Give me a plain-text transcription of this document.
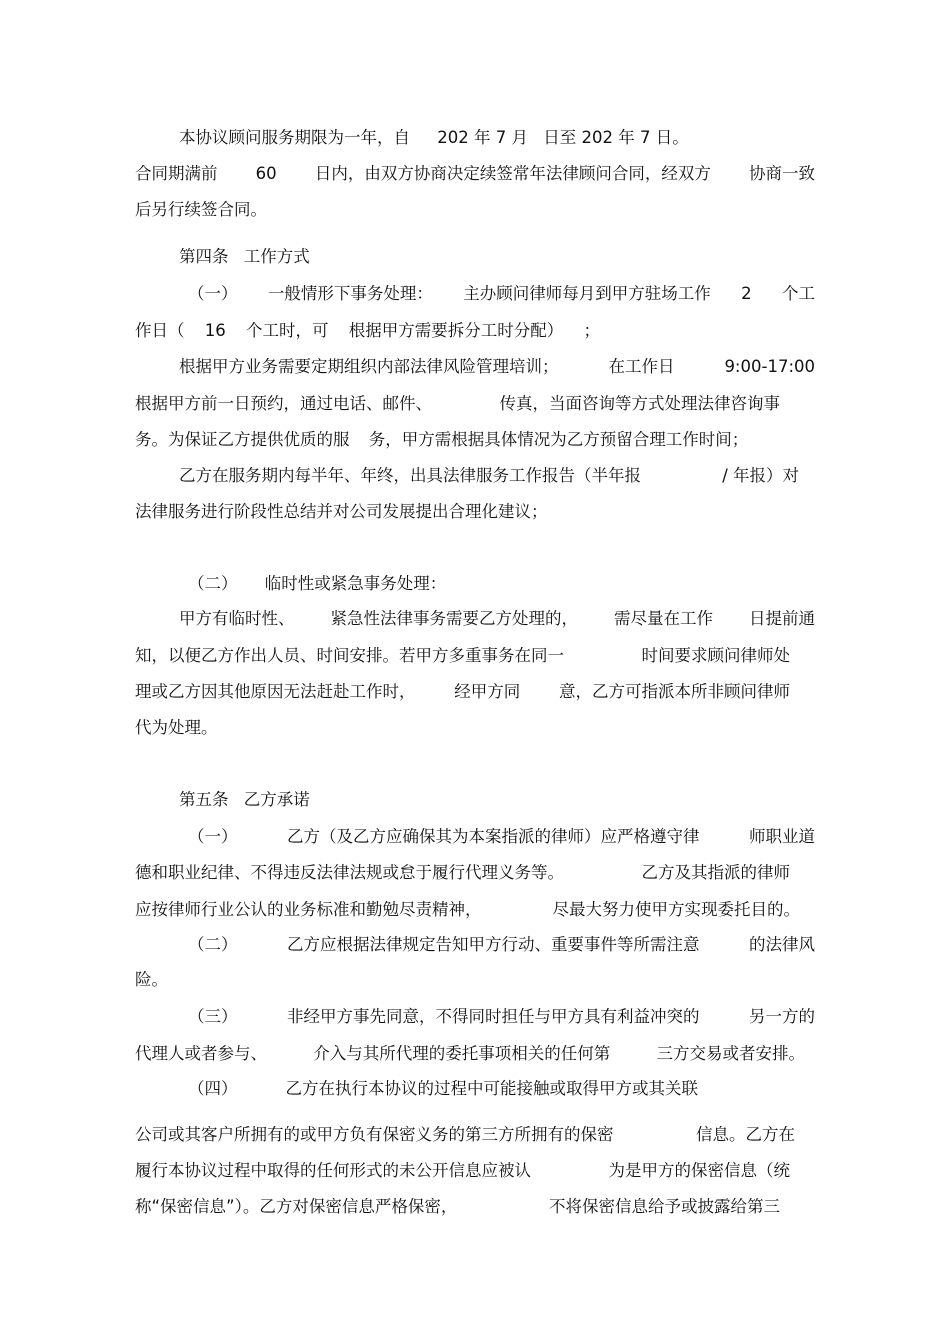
本协议顾问服务期限为一年，自 202 年 7 月 日至 202 年 7 日。
合同期满前 60 日内，由双方协商决定续签常年法律顾问合同，经双方 协商一致
后另行续签合同。
第四条 工作方式
（一） 一般情形下事务处理： 主办顾问律师每月到甲方驻场工作 2 个工
作日（ 16 个工时，可 根据甲方需要拆分工时分配） ；
根据甲方业务需要定期组织内部法律风险管理培训；	在工作日	9:00-17:00
根据甲方前一日预约，通过电话、邮件、	传真，当面咨询等方式处理法律咨询事
务。为保证乙方提供优质的服 务，甲方需根据具体情况为乙方预留合理工作时间；
乙方在服务期内每半年、年终，出具法律服务工作报告（半年报	/ 年报）对
法律服务进行阶段性总结并对公司发展提出合理化建议；
（二） 临时性或紧急事务处理：
甲方有临时性、 紧急性法律事务需要乙方处理的， 需尽量在工作 日提前通
知，以便乙方作出人员、时间安排。若甲方多重事务在同一	时间要求顾问律师处
理或乙方因其他原因无法赶赴工作时， 经甲方同 意，乙方可指派本所非顾问律师
代为处理。
第五条 乙方承诺
（一）	乙方（及乙方应确保其为本案指派的律师）应严格遵守律	师职业道
德和职业纪律、不得违反法律法规或怠于履行代理义务等。	乙方及其指派的律师
应按律师行业公认的业务标准和勤勉尽责精神，	尽最大努力使甲方实现委托目的。
（二）	乙方应根据法律规定告知甲方行动、重要事件等所需注意	的法律风
险。
（三）	非经甲方事先同意，不得同时担任与甲方具有利益冲突的	另一方的
代理人或者参与、	介入与其所代理的委托事项相关的任何第	三方交易或者安排。
（四）	乙方在执行本协议的过程中可能接触或取得甲方或其关联
公司或其客户所拥有的或甲方负有保密义务的第三方所拥有的保密	信息。乙方在
履行本协议过程中取得的任何形式的未公开信息应被认	为是甲方的保密信息（统
称“保密信息”）。乙方对保密信息严格保密，	不将保密信息给予或披露给第三
